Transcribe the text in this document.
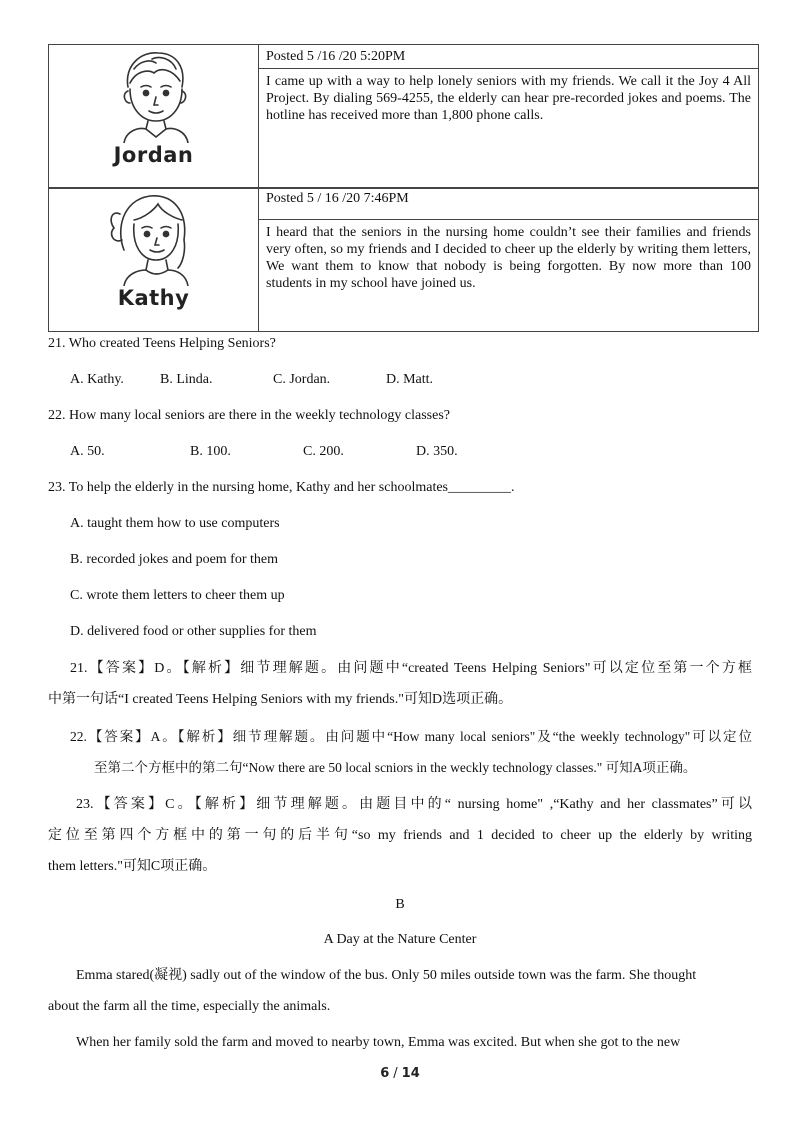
Jordan

Posted 5 /16 /20 5:20PM
I came up with a way to help lonely seniors with my friends. We call it the Joy 4 All Project. By dialing 569-4255, the elderly can hear pre-recorded jokes and poems. The hotline has received more than 1,800 phone calls.

Kathy

Posted 5 / 16 /20 7:46PM
I heard that the seniors in the nursing home couldn’t see their families and friends very often, so my friends and I decided to cheer up the elderly by writing them letters, We want them to know that nobody is being forgotten. By now more than 100 students in my school have joined us.
21. Who created Teens Helping Seniors?
A. Kathy.	B. Linda.	C. Jordan.	D. Matt.
22. How many local seniors are there in the weekly technology classes?
A. 50.	B. 100.	C. 200.	D. 350.
23. To help the elderly in the nursing home, Kathy and her schoolmates_________.
A. taught them how to use computers
B. recorded jokes and poem for them
C. wrote them letters to cheer them up
D. delivered food or other supplies for them
21.【答案】D。【解析】细节理解题。由问题中“created Teens Helping Seniors"可以定位至第一个方框
中第一句话“I created Teens Helping Seniors with my friends."可知D选项正确。
22.【答案】A。【解析】细节理解题。由问题中“How many local seniors"及“the weekly technology"可以定位
至第二个方框中的第二句“Now there are 50 local scniors in the weckly technology classes." 可知A项正确。
23.【答案】C。【解析】细节理解题。由题目中的“ nursing home" ,“Kathy and her classmates”可以
定位至第四个方框中的第一句的后半句“so my friends and 1 decided to cheer up the elderly by writing
them letters."可知C项正确。
B
A Day at the Nature Center
Emma stared(凝视) sadly out of the window of the bus. Only 50 miles outside town was the farm. She thought
about the farm all the time, especially the animals.
When her family sold the farm and moved to nearby town, Emma was excited. But when she got to the new
6 / 14
